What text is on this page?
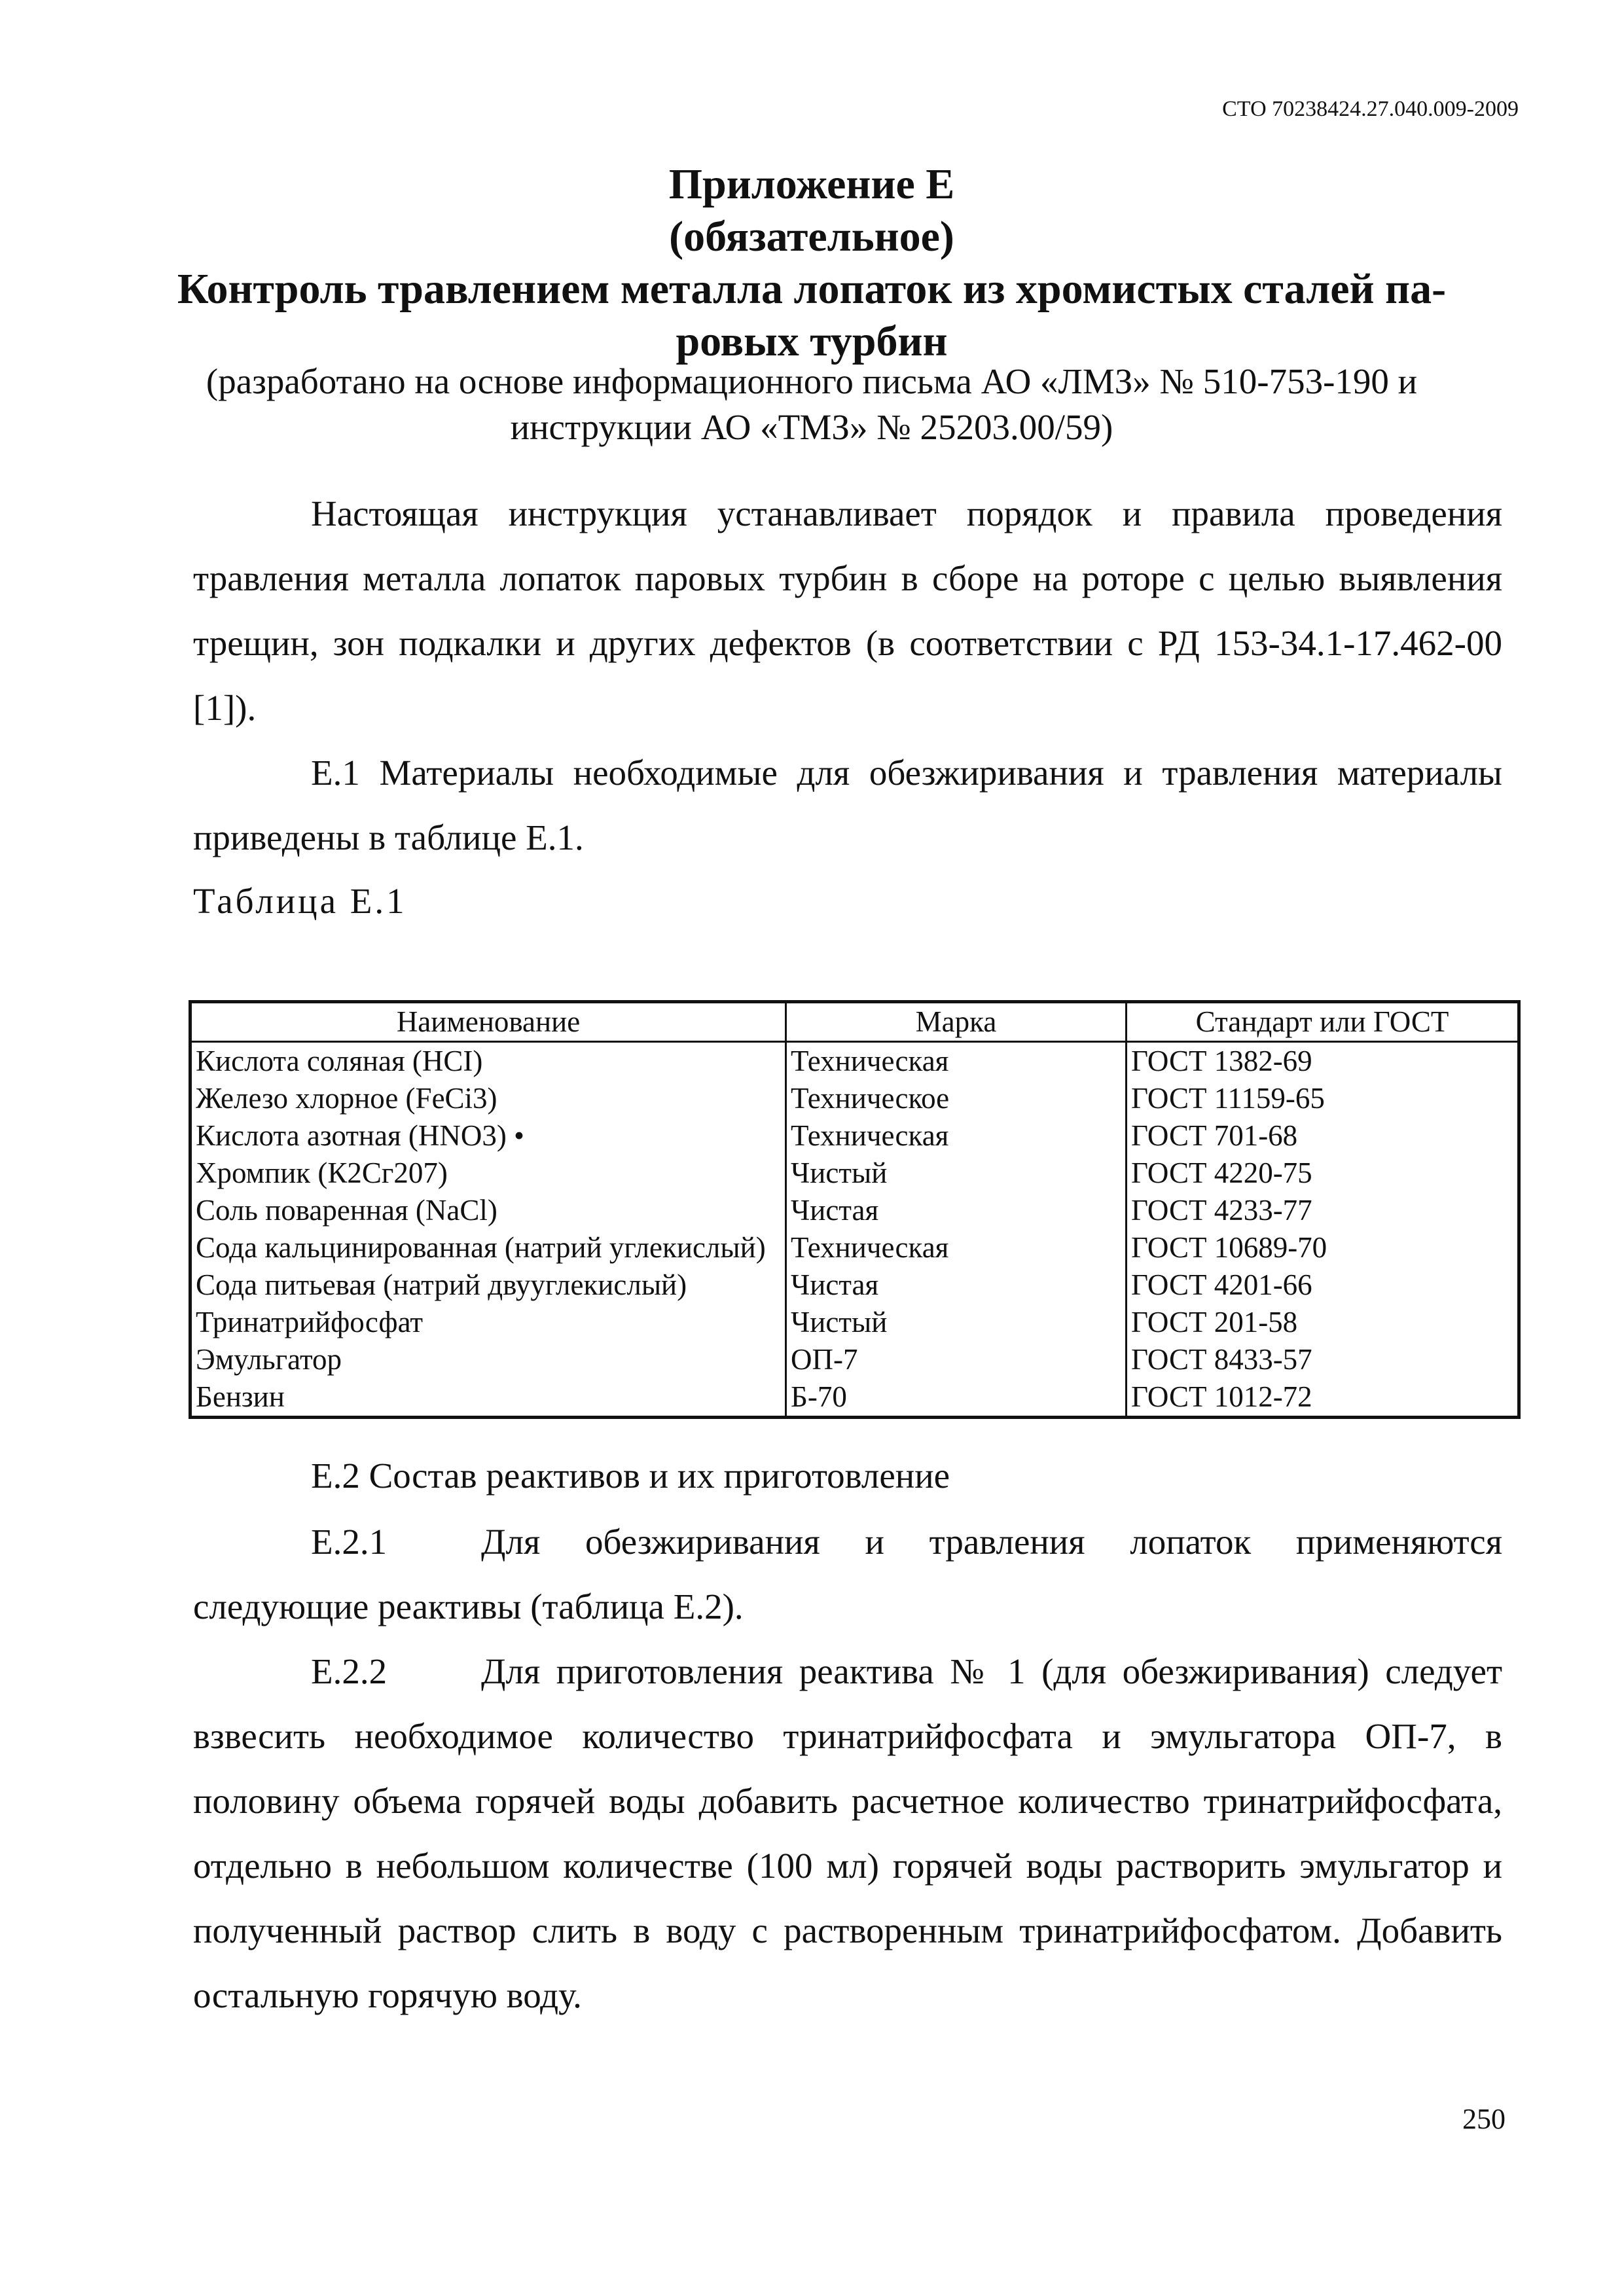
СТО 70238424.27.040.009-2009
Приложение Е
(обязательное)
Контроль травлением металла лопаток из хромистых сталей па-
ровых турбин
(разработано на основе информационного письма АО «ЛМЗ» № 510-753-190 и
инструкции АО «ТМЗ» № 25203.00/59)
Настоящая инструкция устанавливает порядок и правила проведения травления металла лопаток паровых турбин в сборе на роторе с целью выявления трещин, зон подкалки и других дефектов (в соответствии с РД 153-34.1-17.462-00 [1]).
Е.1 Материалы необходимые для обезжиривания и травления материалы приведены в таблице Е.1.
Таблица Е.1
Наименование	Марка	Стандарт или ГОСТ
Кислота соляная (HCI)	Техническая	ГОСТ 1382-69
Железо хлорное (FeCi3)	Техническое	ГОСТ 11159-65
Кислота азотная (HNO3) •	Техническая	ГОСТ 701-68
Хромпик (К2Сг207)	Чистый	ГОСТ 4220-75
Соль поваренная (NaCl)	Чистая	ГОСТ 4233-77
Сода кальцинированная (натрий углекислый)	Техническая	ГОСТ 10689-70
Сода питьевая (натрий двууглекислый)	Чистая	ГОСТ 4201-66
Тринатрийфосфат	Чистый	ГОСТ 201-58
Эмульгатор	ОП-7	ГОСТ 8433-57
Бензин	Б-70	ГОСТ 1012-72
Е.2 Состав реактивов и их приготовление
Е.2.1	Для обезжиривания и травления лопаток применяются следующие реактивы (таблица Е.2).
Е.2.2	Для приготовления реактива № 1 (для обезжиривания) следует взвесить необходимое количество тринатрийфосфата и эмульгатора ОП-7, в половину объема горячей воды добавить расчетное количество тринатрийфосфата, отдельно в небольшом количестве (100 мл) горячей воды растворить эмульгатор и полученный раствор слить в воду с растворенным тринатрийфосфатом. Добавить остальную горячую воду.
250
